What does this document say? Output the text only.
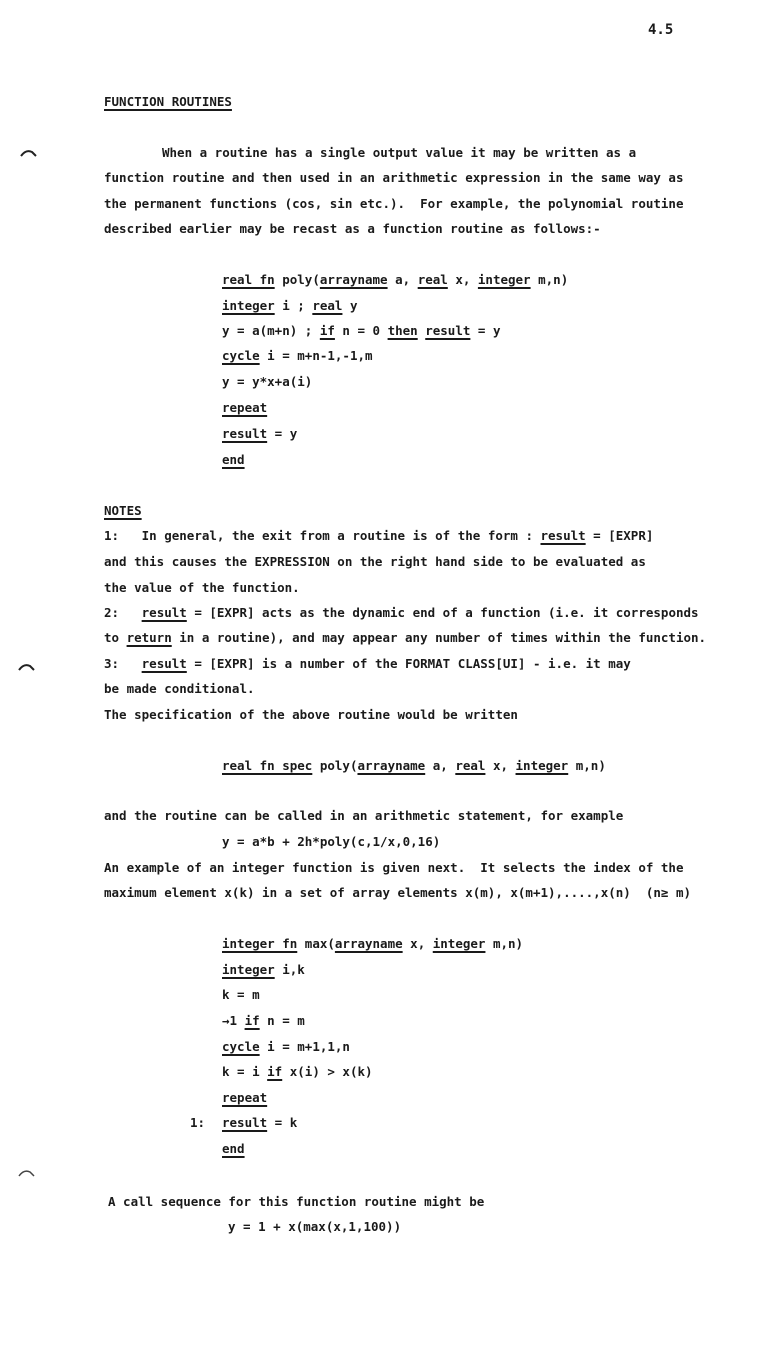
4.5
FUNCTION ROUTINES
When a routine has a single output value it may be written as a
function routine and then used in an arithmetic expression in the same way as
the permanent functions (cos, sin etc.).  For example, the polynomial routine
described earlier may be recast as a function routine as follows:-
real fn poly(arrayname a, real x, integer m,n)
integer i ; real y
y = a(m+n) ; if n = 0 then result = y
cycle i = m+n-1,-1,m
y = y*x+a(i)
repeat
result = y
end
NOTES
1: In general, the exit from a routine is of the form : result = [EXPR]
and this causes the EXPRESSION on the right hand side to be evaluated as
the value of the function.
2: result = [EXPR] acts as the dynamic end of a function (i.e. it corresponds
to return in a routine), and may appear any number of times within the function.
3: result = [EXPR] is a number of the FORMAT CLASS[UI] - i.e. it may
be made conditional.
The specification of the above routine would be written
real fn spec poly(arrayname a, real x, integer m,n)
and the routine can be called in an arithmetic statement, for example
y = a*b + 2h*poly(c,1/x,0,16)
An example of an integer function is given next.  It selects the index of the
maximum element x(k) in a set of array elements x(m), x(m+1),....,x(n)  (n≥ m)
integer fn max(arrayname x, integer m,n)
integer i,k
k = m
→1 if n = m
cycle i = m+1,1,n
k = i if x(i) > x(k)
repeat
1: result = k
end
A call sequence for this function routine might be
y = 1 + x(max(x,1,100))
